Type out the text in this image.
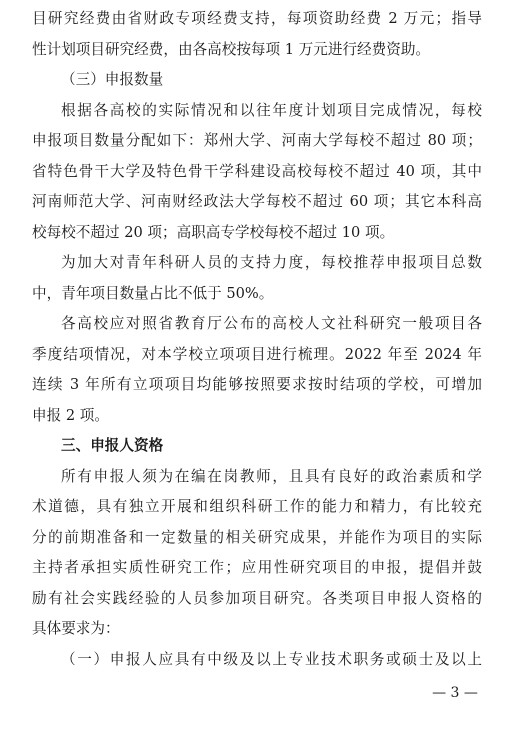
目研究经费由省财政专项经费支持，每项资助经费 2 万元；指导
性计划项目研究经费，由各高校按每项 1 万元进行经费资助。
（三）申报数量
根据各高校的实际情况和以往年度计划项目完成情况，每校
申报项目数量分配如下：郑州大学、河南大学每校不超过 80 项；
省特色骨干大学及特色骨干学科建设高校每校不超过 40 项，其中
河南师范大学、河南财经政法大学每校不超过 60 项；其它本科高
校每校不超过 20 项；高职高专学校每校不超过 10 项。
为加大对青年科研人员的支持力度，每校推荐申报项目总数
中，青年项目数量占比不低于 50%。
各高校应对照省教育厅公布的高校人文社科研究一般项目各
季度结项情况，对本学校立项项目进行梳理。2022 年至 2024 年
连续 3 年所有立项项目均能够按照要求按时结项的学校，可增加
申报 2 项。
三、申报人资格
所有申报人须为在编在岗教师，且具有良好的政治素质和学
术道德，具有独立开展和组织科研工作的能力和精力，有比较充
分的前期准备和一定数量的相关研究成果，并能作为项目的实际
主持者承担实质性研究工作；应用性研究项目的申报，提倡并鼓
励有社会实践经验的人员参加项目研究。各类项目申报人资格的
具体要求为：
（一）申报人应具有中级及以上专业技术职务或硕士及以上
— 3 —
